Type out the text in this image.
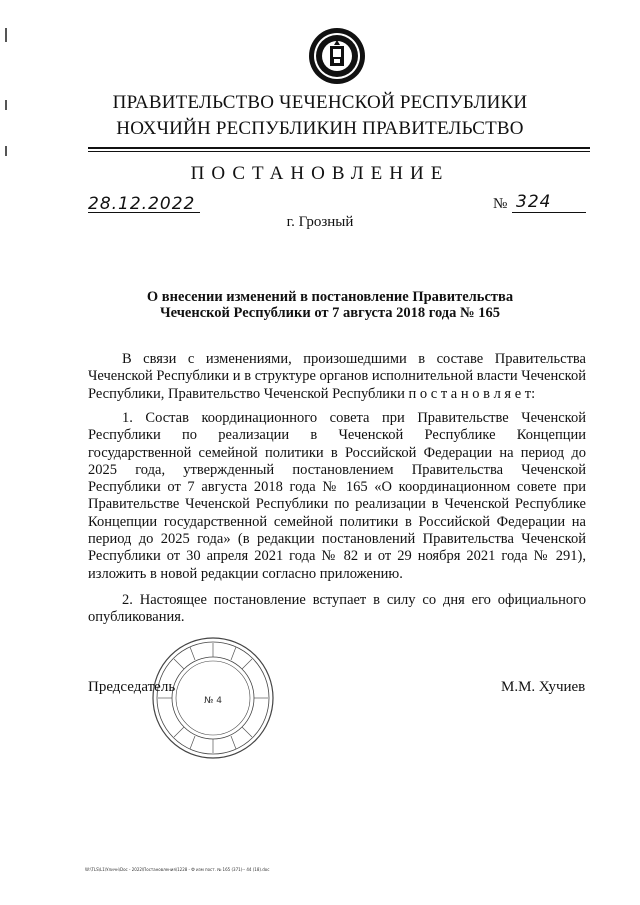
ПРАВИТЕЛЬСТВО ЧЕЧЕНСКОЙ РЕСПУБЛИКИ
НОХЧИЙН РЕСПУБЛИКИН ПРАВИТЕЛЬСТВО
ПОСТАНОВЛЕНИЕ
28.12.2022	№ 324
г. Грозный
О внесении изменений в постановление Правительства
Чеченской Республики от 7 августа 2018 года № 165
В связи с изменениями, произошедшими в составе Правительства Чеченской Республики и в структуре органов исполнительной власти Чеченской Республики, Правительство Чеченской Республики п о с т а н о в л я е т:
1. Состав координационного совета при Правительстве Чеченской Республики по реализации в Чеченской Республике Концепции государственной семейной политики в Российской Федерации на период до 2025 года, утвержденный постановлением Правительства Чеченской Республики от 7 августа 2018 года № 165 «О координационном совете при Правительстве Чеченской Республики по реализации в Чеченской Республике Концепции государственной семейной политики в Российской Федерации на период до 2025 года» (в редакции постановлений Правительства Чеченской Республики от 30 апреля 2021 года № 82 и от 29 ноября 2021 года № 291), изложить в новой редакции согласно приложению.
2. Настоящее постановление вступает в силу со дня его официального опубликования.
№ 4
Председатель	М.М. Хучиев
W:\TLS\L1\Уличн\Doc - 2022\Постановления\1228 - Ф изм пост. № 165 (371)-- 44 (18).doc
